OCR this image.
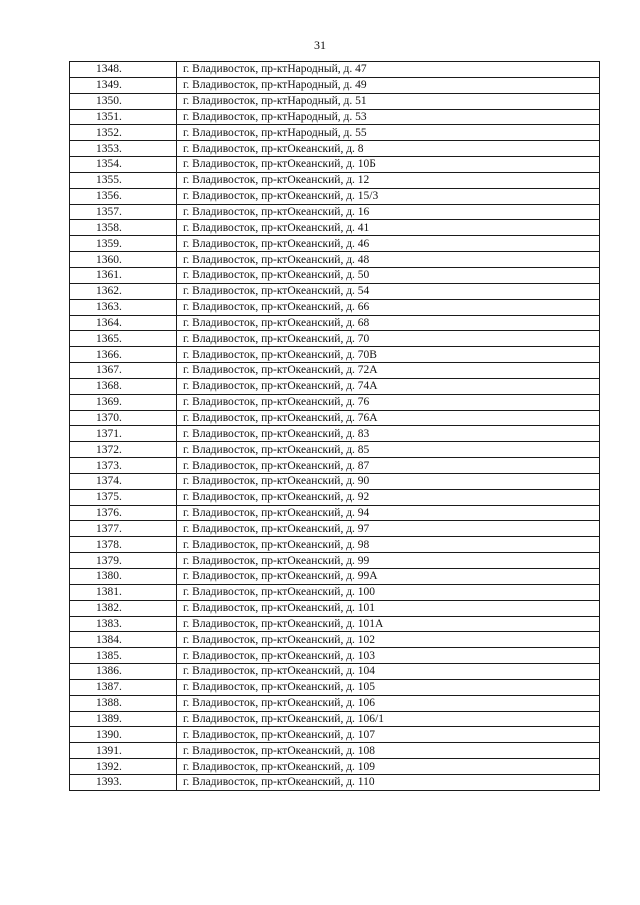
31
1348.	г. Владивосток, пр-ктНародный, д. 47
1349.	г. Владивосток, пр-ктНародный, д. 49
1350.	г. Владивосток, пр-ктНародный, д. 51
1351.	г. Владивосток, пр-ктНародный, д. 53
1352.	г. Владивосток, пр-ктНародный, д. 55
1353.	г. Владивосток, пр-ктОкеанский, д. 8
1354.	г. Владивосток, пр-ктОкеанский, д. 10Б
1355.	г. Владивосток, пр-ктОкеанский, д. 12
1356.	г. Владивосток, пр-ктОкеанский, д. 15/3
1357.	г. Владивосток, пр-ктОкеанский, д. 16
1358.	г. Владивосток, пр-ктОкеанский, д. 41
1359.	г. Владивосток, пр-ктОкеанский, д. 46
1360.	г. Владивосток, пр-ктОкеанский, д. 48
1361.	г. Владивосток, пр-ктОкеанский, д. 50
1362.	г. Владивосток, пр-ктОкеанский, д. 54
1363.	г. Владивосток, пр-ктОкеанский, д. 66
1364.	г. Владивосток, пр-ктОкеанский, д. 68
1365.	г. Владивосток, пр-ктОкеанский, д. 70
1366.	г. Владивосток, пр-ктОкеанский, д. 70В
1367.	г. Владивосток, пр-ктОкеанский, д. 72А
1368.	г. Владивосток, пр-ктОкеанский, д. 74А
1369.	г. Владивосток, пр-ктОкеанский, д. 76
1370.	г. Владивосток, пр-ктОкеанский, д. 76А
1371.	г. Владивосток, пр-ктОкеанский, д. 83
1372.	г. Владивосток, пр-ктОкеанский, д. 85
1373.	г. Владивосток, пр-ктОкеанский, д. 87
1374.	г. Владивосток, пр-ктОкеанский, д. 90
1375.	г. Владивосток, пр-ктОкеанский, д. 92
1376.	г. Владивосток, пр-ктОкеанский, д. 94
1377.	г. Владивосток, пр-ктОкеанский, д. 97
1378.	г. Владивосток, пр-ктОкеанский, д. 98
1379.	г. Владивосток, пр-ктОкеанский, д. 99
1380.	г. Владивосток, пр-ктОкеанский, д. 99А
1381.	г. Владивосток, пр-ктОкеанский, д. 100
1382.	г. Владивосток, пр-ктОкеанский, д. 101
1383.	г. Владивосток, пр-ктОкеанский, д. 101А
1384.	г. Владивосток, пр-ктОкеанский, д. 102
1385.	г. Владивосток, пр-ктОкеанский, д. 103
1386.	г. Владивосток, пр-ктОкеанский, д. 104
1387.	г. Владивосток, пр-ктОкеанский, д. 105
1388.	г. Владивосток, пр-ктОкеанский, д. 106
1389.	г. Владивосток, пр-ктОкеанский, д. 106/1
1390.	г. Владивосток, пр-ктОкеанский, д. 107
1391.	г. Владивосток, пр-ктОкеанский, д. 108
1392.	г. Владивосток, пр-ктОкеанский, д. 109
1393.	г. Владивосток, пр-ктОкеанский, д. 110
